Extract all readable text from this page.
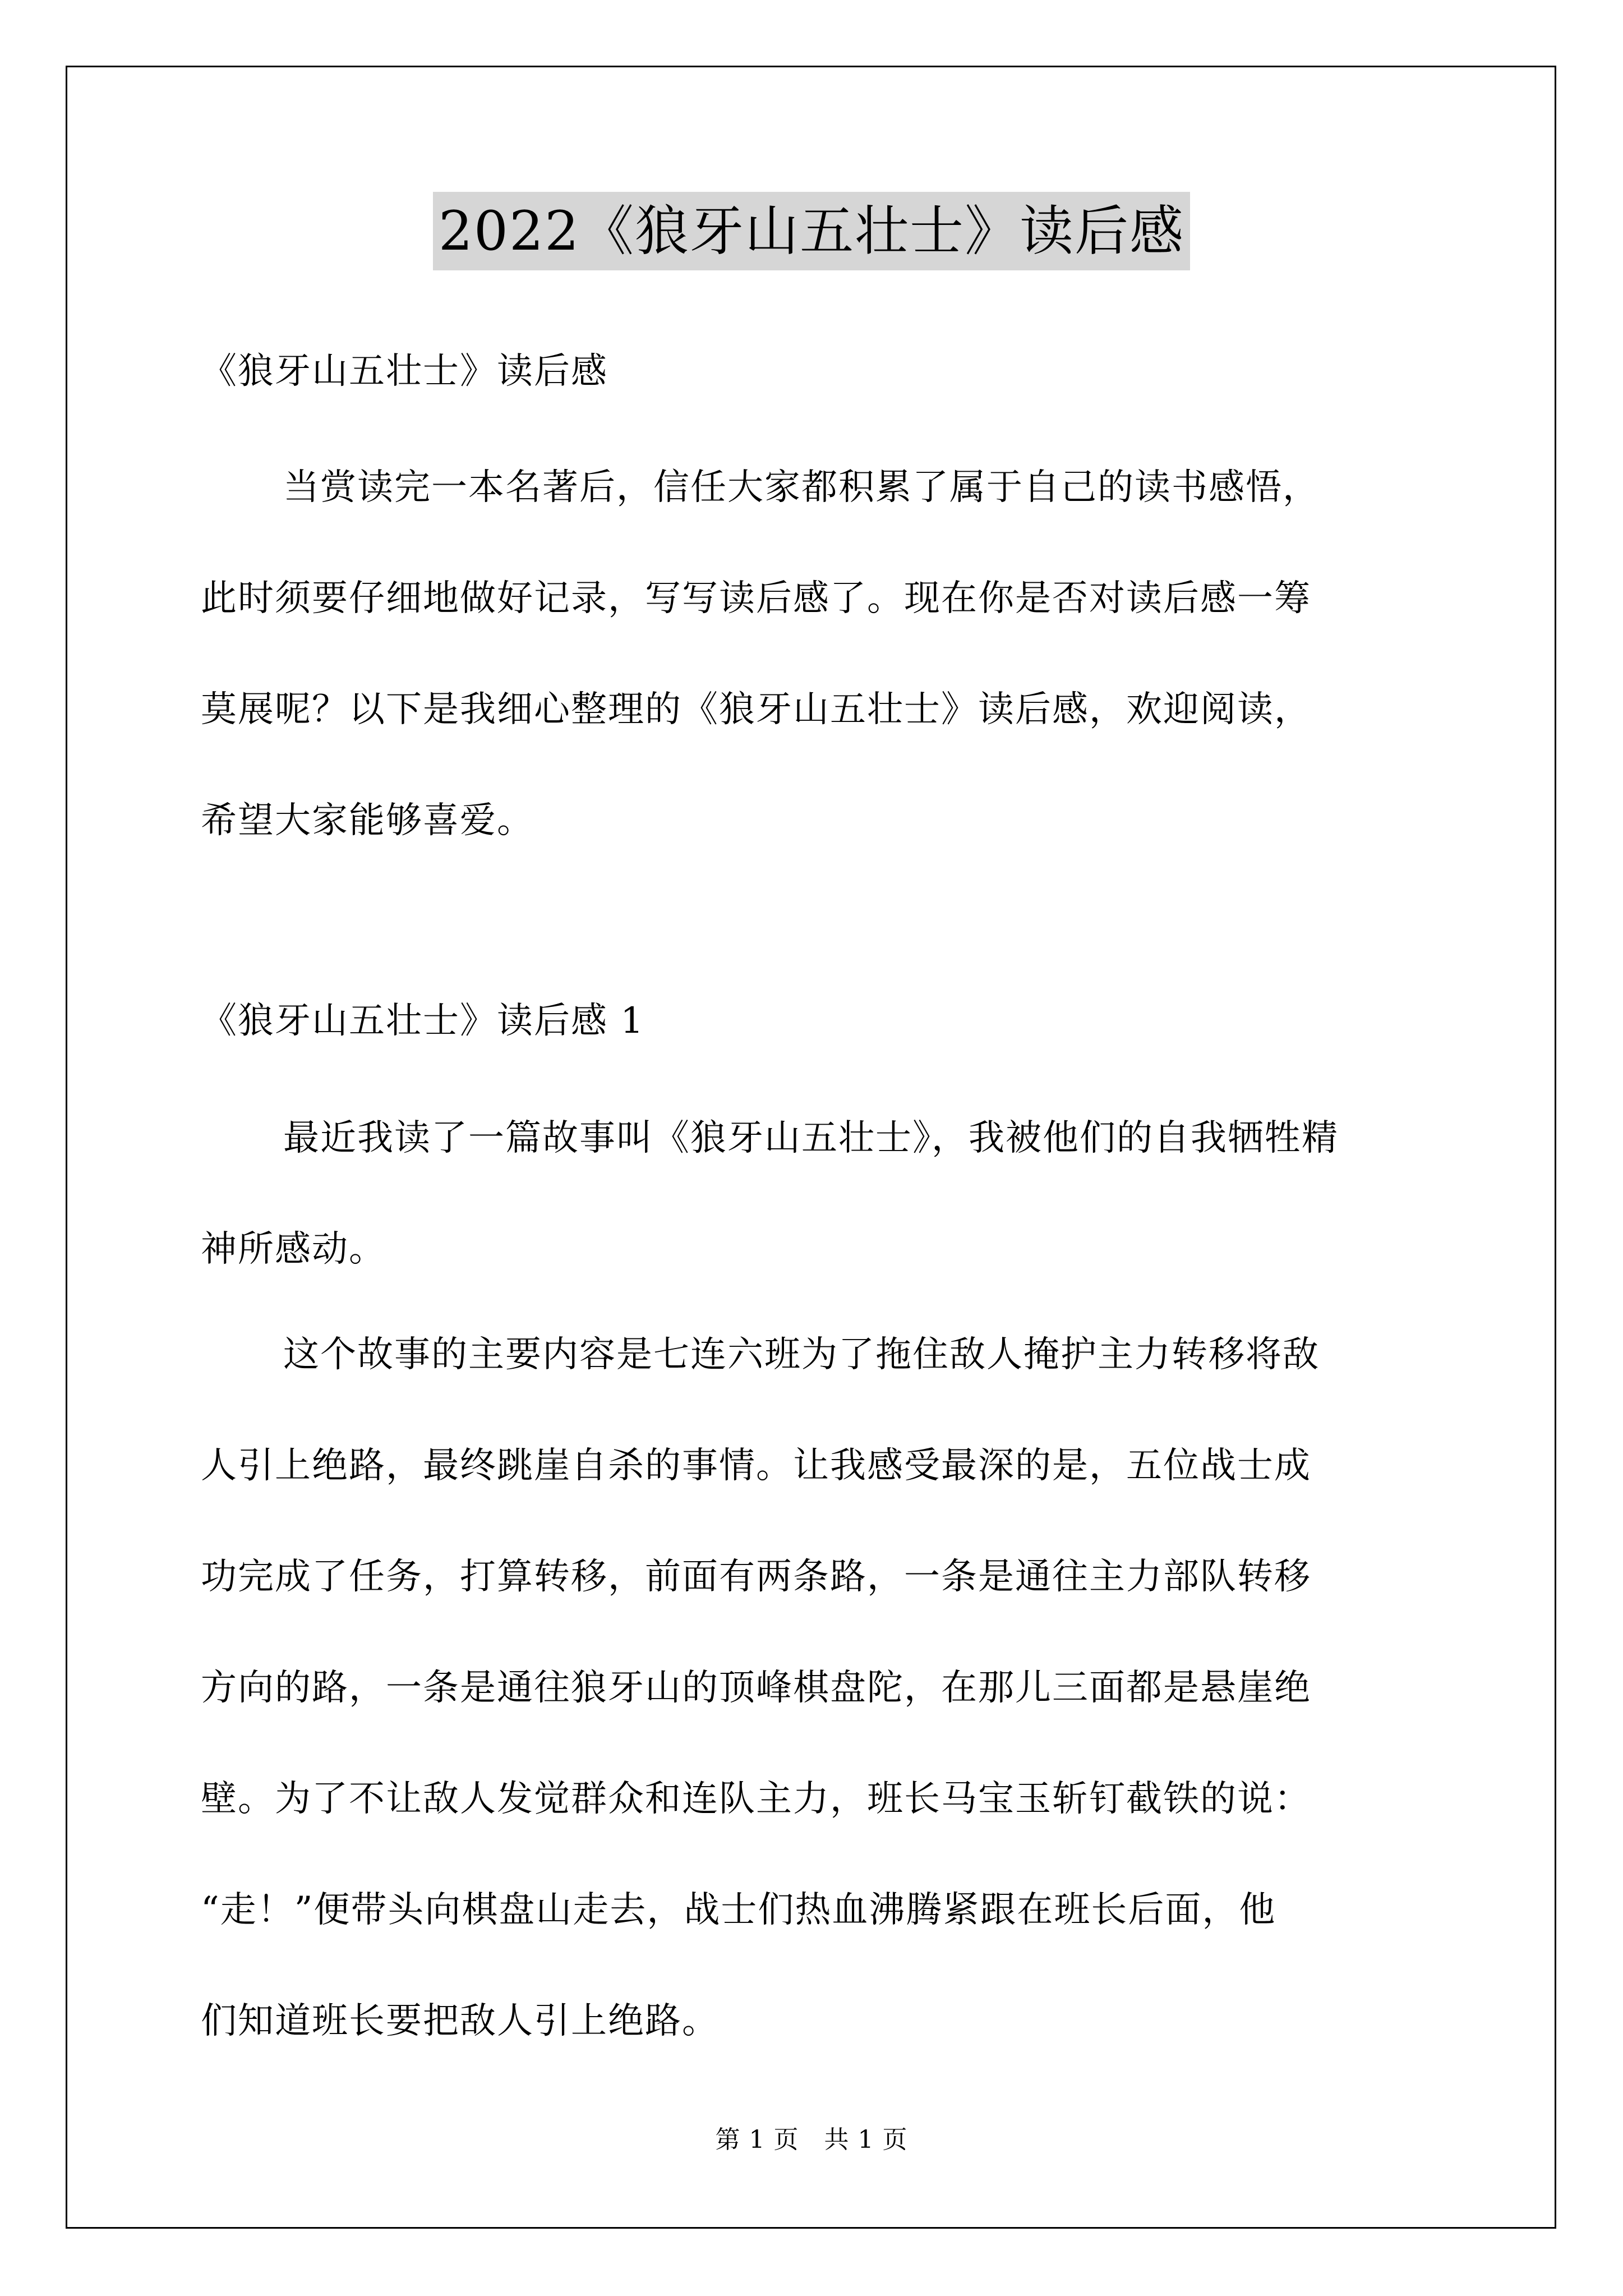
2022《狼牙山五壮士》读后感
《狼牙山五壮士》读后感
当赏读完一本名著后，信任大家都积累了属于自己的读书感悟，
此时须要仔细地做好记录，写写读后感了。现在你是否对读后感一筹
莫展呢？以下是我细心整理的《狼牙山五壮士》读后感，欢迎阅读，
希望大家能够喜爱。
《狼牙山五壮士》读后感 1
最近我读了一篇故事叫《狼牙山五壮士》，我被他们的自我牺牲精
神所感动。
这个故事的主要内容是七连六班为了拖住敌人掩护主力转移将敌
人引上绝路，最终跳崖自杀的事情。让我感受最深的是，五位战士成
功完成了任务，打算转移，前面有两条路，一条是通往主力部队转移
方向的路，一条是通往狼牙山的顶峰棋盘陀，在那儿三面都是悬崖绝
壁。为了不让敌人发觉群众和连队主力，班长马宝玉斩钉截铁的说：
“走！”便带头向棋盘山走去，战士们热血沸腾紧跟在班长后面，他
们知道班长要把敌人引上绝路。
第 1 页　共 1 页
